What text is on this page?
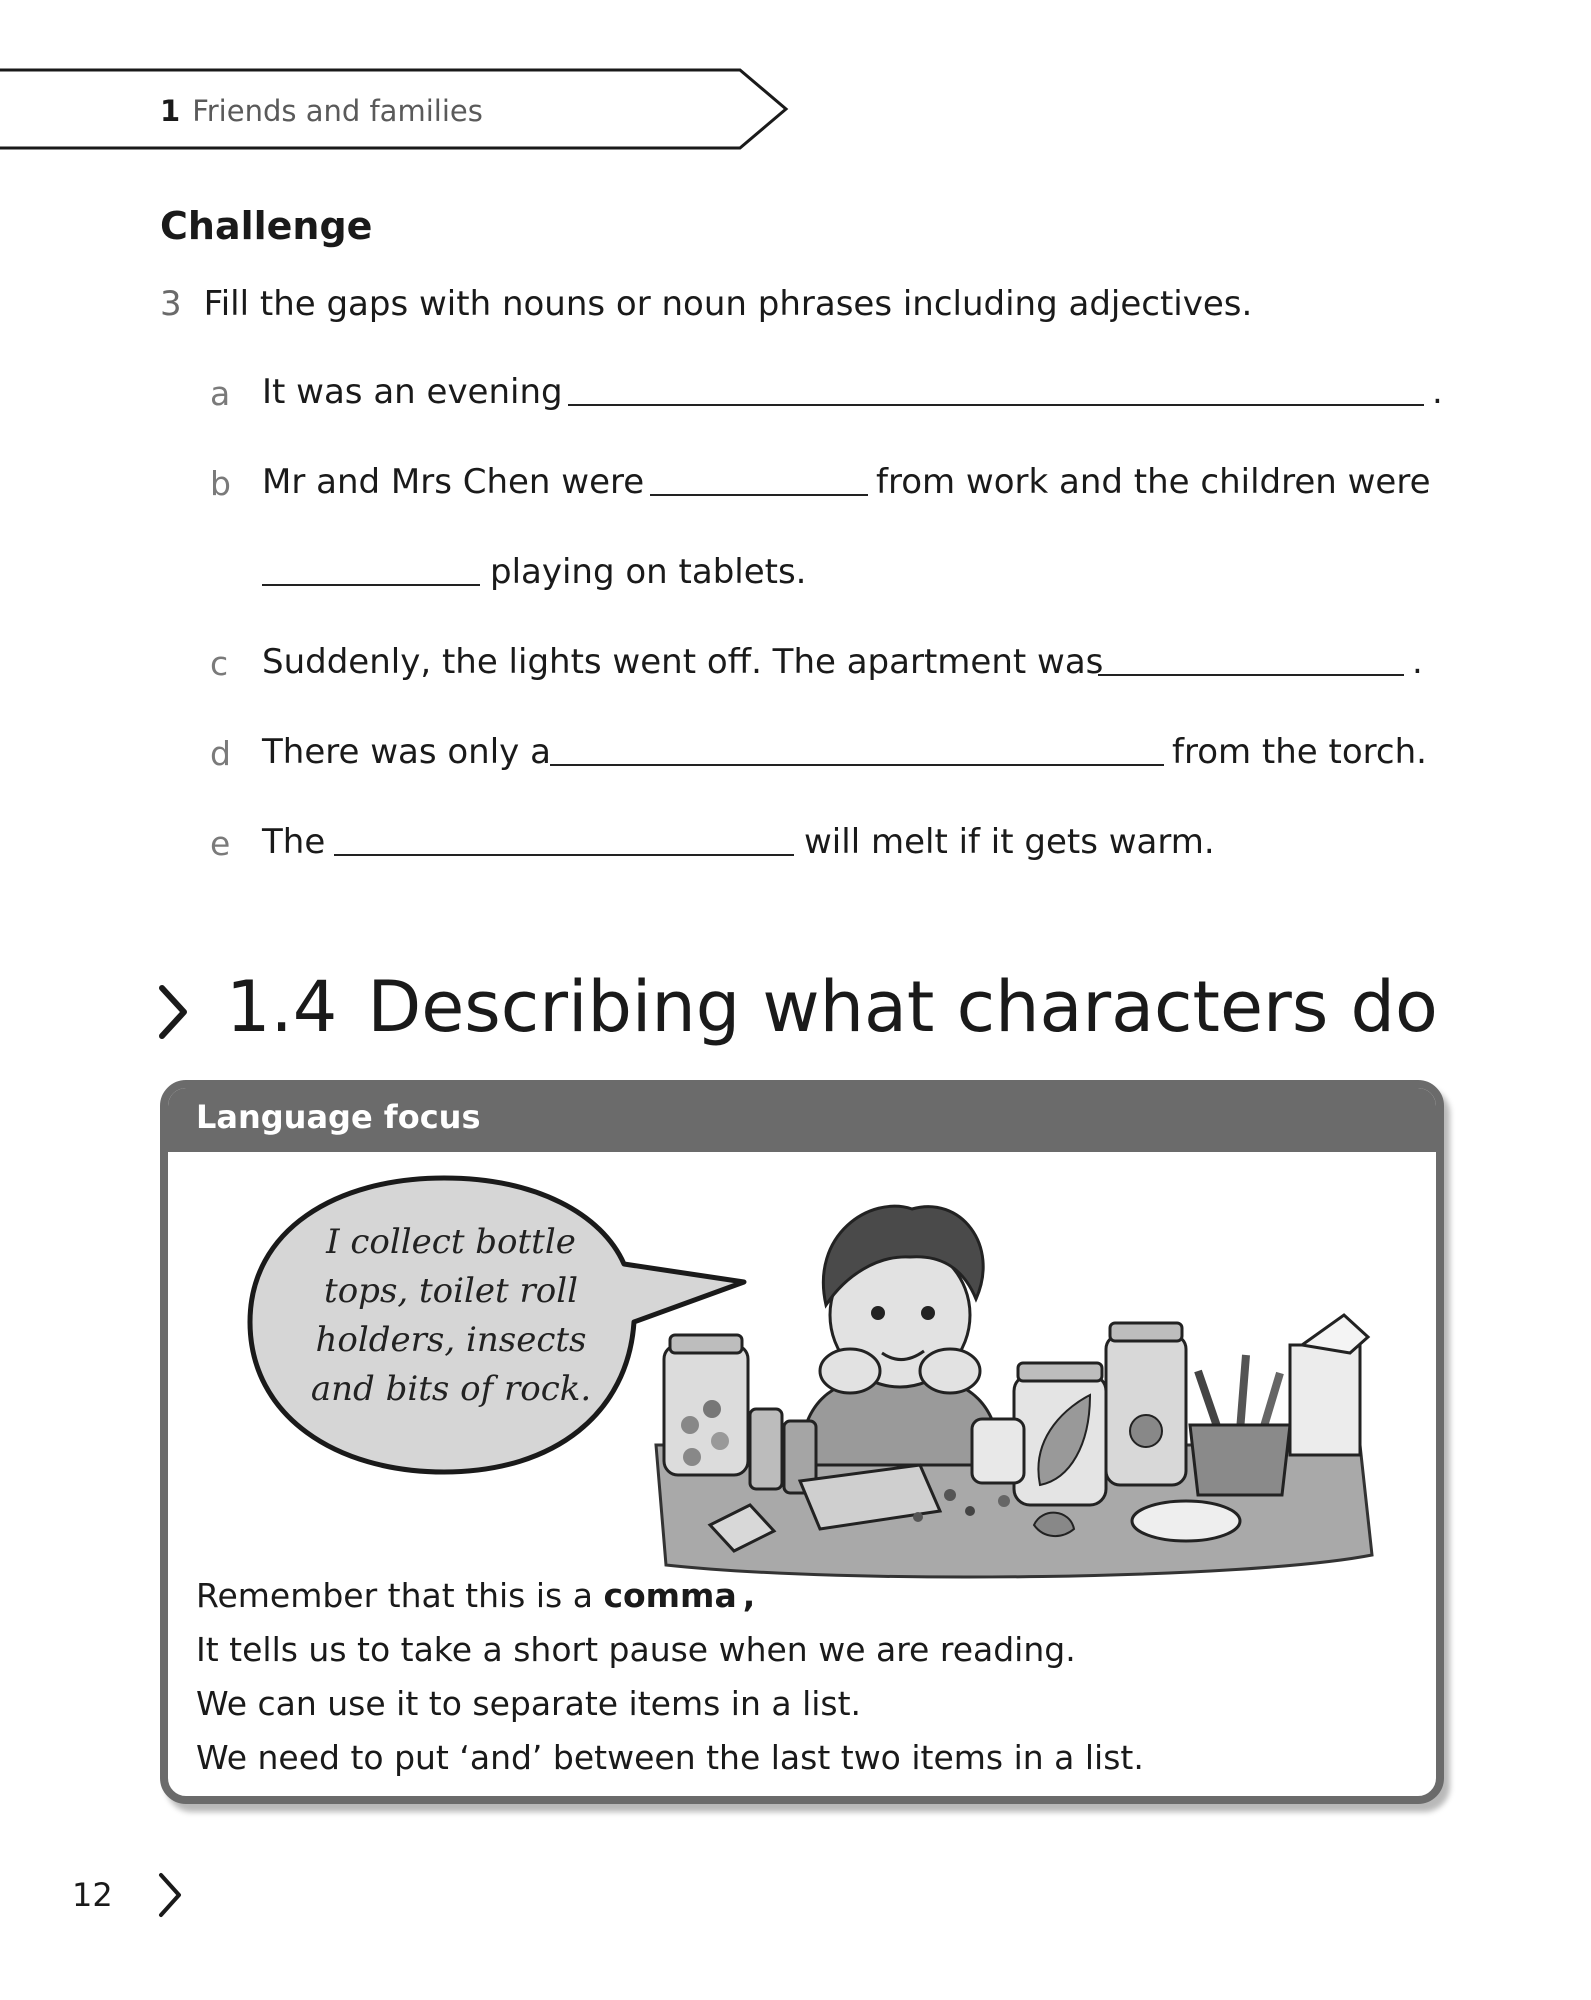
1 Friends and families
Challenge
3 Fill the gaps with nouns or noun phrases including adjectives.
a It was an evening	.
b Mr and Mrs Chen were	from work and the children were
playing on tablets.
c Suddenly, the lights went off. The apartment was	.
d There was only a	from the torch.
e The	will melt if it gets warm.
1.4 Describing what characters do
Language focus
I collect bottle
tops, toilet roll
holders, insects
and bits of rock.
Remember that this is a comma ,
It tells us to take a short pause when we are reading.
We can use it to separate items in a list.
We need to put ‘and’ between the last two items in a list.
12
